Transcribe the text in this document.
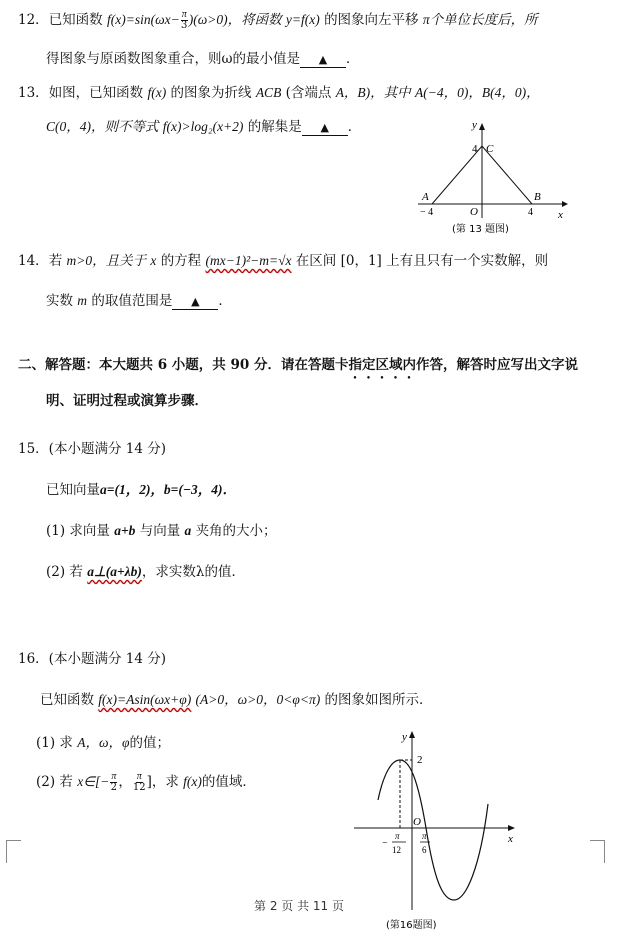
12．已知函数 $f(x)=\sin(\omega x- \frac{\pi}{3} )(\omega>0)$，将函数 y=f(x) 的图象向左平移 π个单位长度后，所
得图象与原函数图象重合，则ω的最小值是 ▲ ．
13．如图，已知函数 f(x) 的图象为折线 ACB (含端点 A，B)，其中 A(−4，0)，B(4，0)，
C(0，4)，则不等式 f(x)>log₂(x+2) 的解集是 ▲ ．	y
x
4 C
A	B
− 4	O	4
(第 13 题图)
14．若 m>0，且关于 x 的方程 (mx−1)²−m=√x 在区间 [0，1] 上有且只有一个实数解，则
实数 m 的取值范围是 ▲ ．
二、解答题：本大题共 6 小题，共 90 分．请在答题卡指定区域内作答，解答时应写出文字说
明、证明过程或演算步骤．
15．(本小题满分 14 分)
已知向量a=(1，2)，b=(−3，4)．
(1) 求向量 a+b 与向量 a 夹角的大小；
(2) 若 a⊥(a+λb)，求实数λ的值．
16．(本小题满分 14 分)
已知函数 f(x)=Asin(ωx+φ) (A>0，ω>0，0<φ<π) 的图象如图所示．
(1) 求 A，ω，φ的值；
(2) 若 x∈[− $\frac{\pi}{2}$ ， $\frac{\pi}{12}$ ]，求 f(x)的值域．
y
x
2
O
−
π
12
π
6
(第16题图)
第 2 页 共 11 页
